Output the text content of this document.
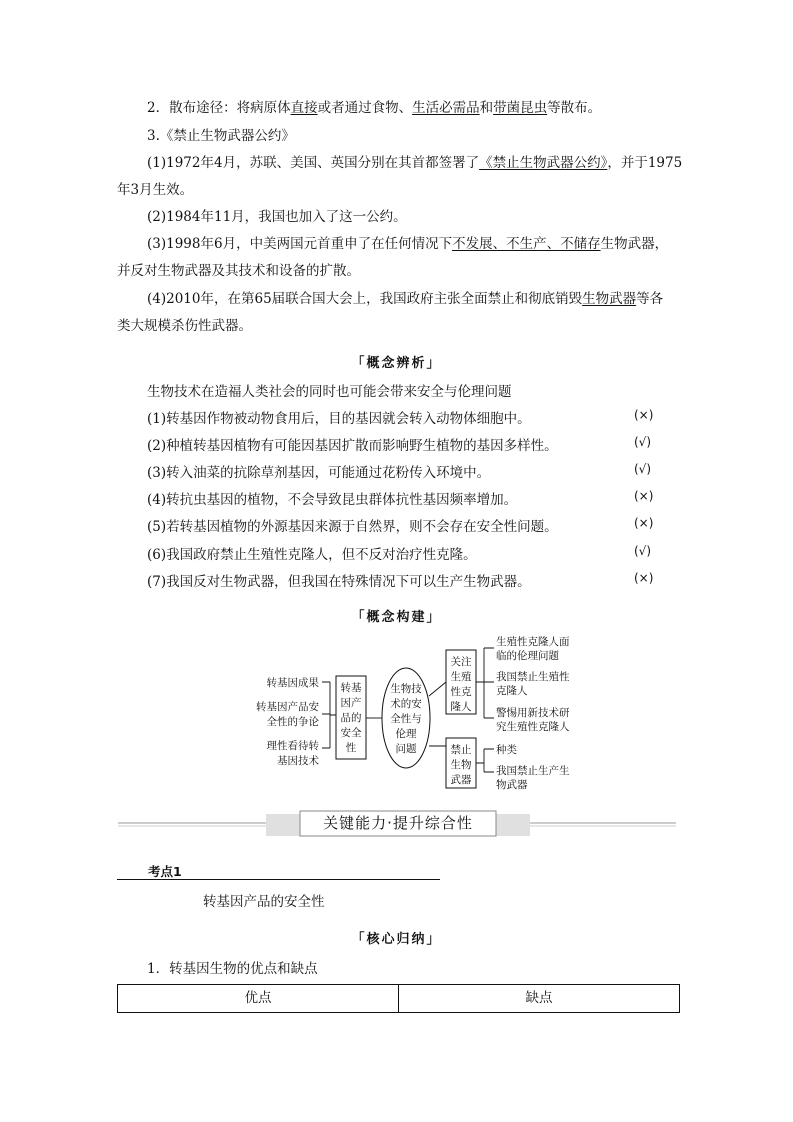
2．散布途径：将病原体直接或者通过食物、生活必需品和带菌昆虫等散布。
3.《禁止生物武器公约》
(1)1972年4月，苏联、美国、英国分别在其首都签署了《禁止生物武器公约》，并于1975
年3月生效。
(2)1984年11月，我国也加入了这一公约。
(3)1998年6月，中美两国元首重申了在任何情况下不发展、不生产、不储存生物武器，
并反对生物武器及其技术和设备的扩散。
(4)2010年，在第65届联合国大会上，我国政府主张全面禁止和彻底销毁生物武器等各
类大规模杀伤性武器。
「概念辨析」
生物技术在造福人类社会的同时也可能会带来安全与伦理问题
(1)转基因作物被动物食用后，目的基因就会转入动物体细胞中。	(×)
(2)种植转基因植物有可能因基因扩散而影响野生植物的基因多样性。	(√)
(3)转入油菜的抗除草剂基因，可能通过花粉传入环境中。	(√)
(4)转抗虫基因的植物，不会导致昆虫群体抗性基因频率增加。	(×)
(5)若转基因植物的外源基因来源于自然界，则不会存在安全性问题。	(×)
(6)我国政府禁止生殖性克隆人，但不反对治疗性克隆。	(√)
(7)我国反对生物武器，但我国在特殊情况下可以生产生物武器。	(×)
「概念构建」
转基因成果
转基因产品安
全性的争论
理性看待转
基因技术
转基
因产
品的
安全
性
生物技
术的安
全性与
伦理
问题
关注
生殖
性克
隆人
禁止
生物
武器
生殖性克隆人面
临的伦理问题
我国禁止生殖性
克隆人
警惕用新技术研
究生殖性克隆人
种类
我国禁止生产生
物武器
关键能力·提升综合性
考点1
转基因产品的安全性
「核心归纳」
1．转基因生物的优点和缺点
优点	缺点
